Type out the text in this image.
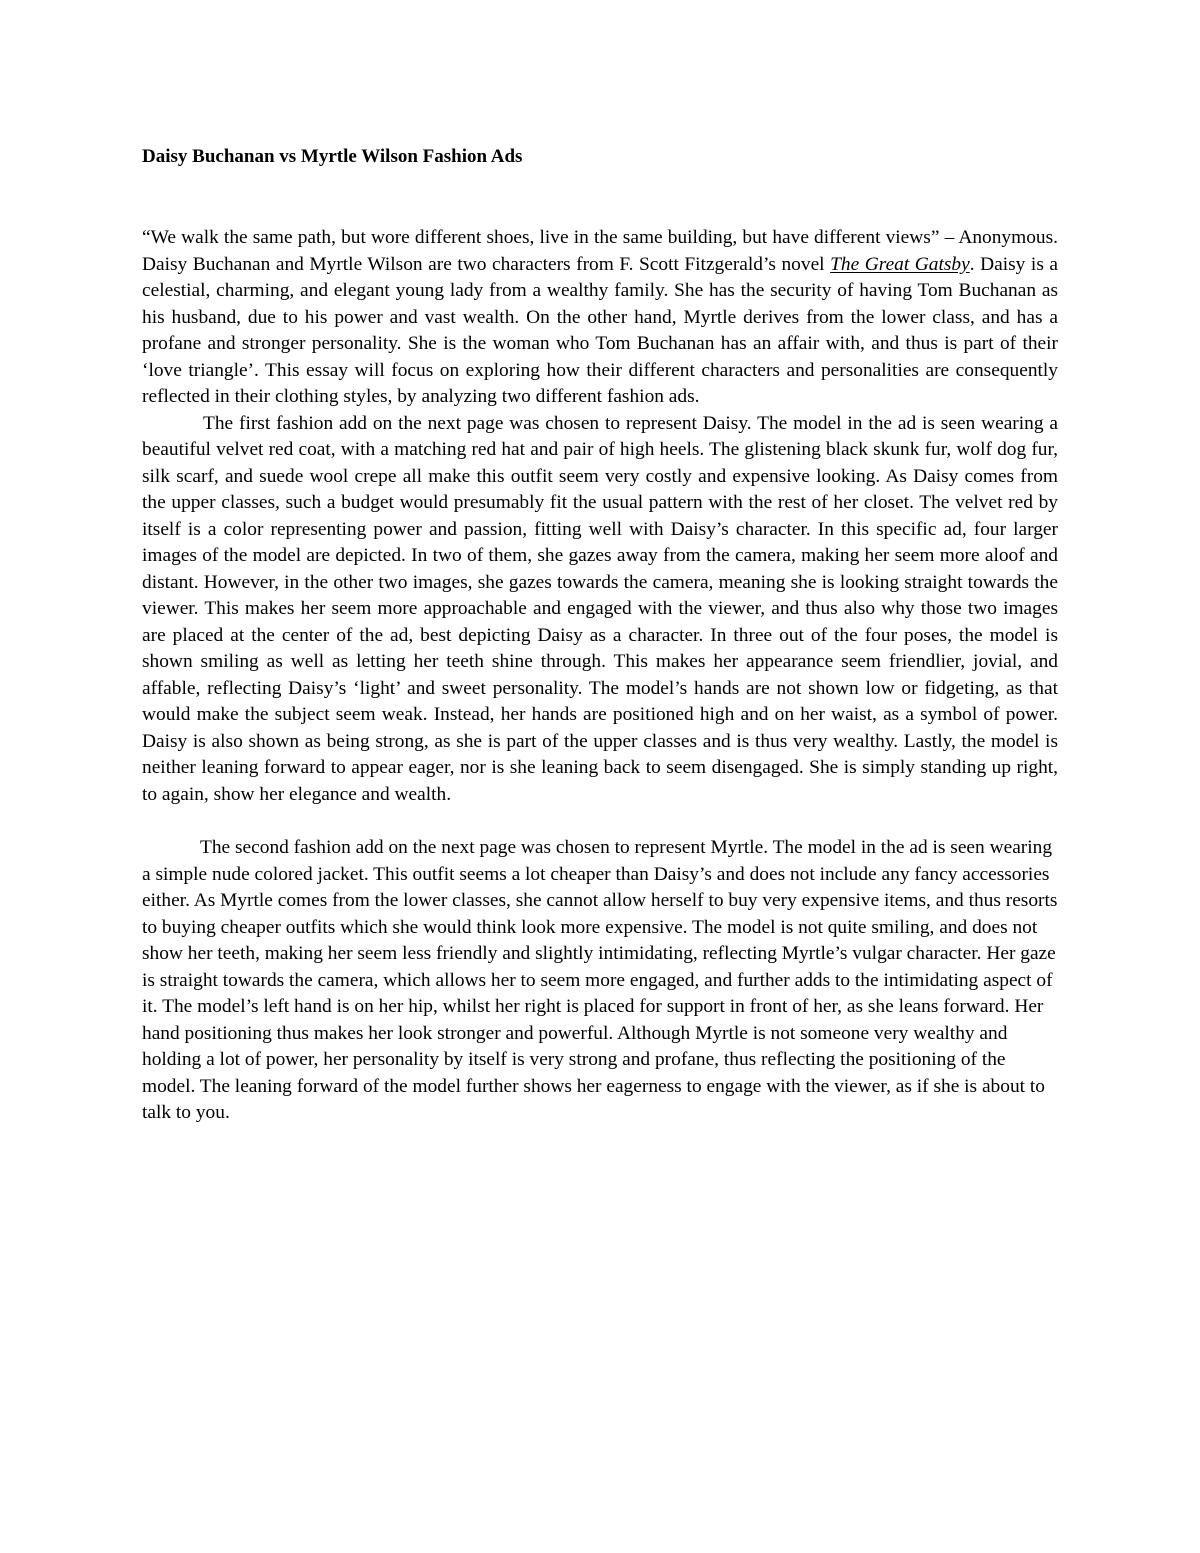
Daisy Buchanan vs Myrtle Wilson Fashion Ads

“We walk the same path, but wore different shoes, live in the same building, but have different views” – Anonymous. Daisy Buchanan and Myrtle Wilson are two characters from F. Scott Fitzgerald’s novel The Great Gatsby. Daisy is a celestial, charming, and elegant young lady from a wealthy family. She has the security of having Tom Buchanan as his husband, due to his power and vast wealth. On the other hand, Myrtle derives from the lower class, and has a profane and stronger personality. She is the woman who Tom Buchanan has an affair with, and thus is part of their ‘love triangle’. This essay will focus on exploring how their different characters and personalities are consequently reflected in their clothing styles, by analyzing two different fashion ads.

The first fashion add on the next page was chosen to represent Daisy. The model in the ad is seen wearing a beautiful velvet red coat, with a matching red hat and pair of high heels. The glistening black skunk fur, wolf dog fur, silk scarf, and suede wool crepe all make this outfit seem very costly and expensive looking. As Daisy comes from the upper classes, such a budget would presumably fit the usual pattern with the rest of her closet. The velvet red by itself is a color representing power and passion, fitting well with Daisy’s character. In this specific ad, four larger images of the model are depicted. In two of them, she gazes away from the camera, making her seem more aloof and distant. However, in the other two images, she gazes towards the camera, meaning she is looking straight towards the viewer. This makes her seem more approachable and engaged with the viewer, and thus also why those two images are placed at the center of the ad, best depicting Daisy as a character. In three out of the four poses, the model is shown smiling as well as letting her teeth shine through. This makes her appearance seem friendlier, jovial, and affable, reflecting Daisy’s ‘light’ and sweet personality. The model’s hands are not shown low or fidgeting, as that would make the subject seem weak. Instead, her hands are positioned high and on her waist, as a symbol of power. Daisy is also shown as being strong, as she is part of the upper classes and is thus very wealthy. Lastly, the model is neither leaning forward to appear eager, nor is she leaning back to seem disengaged. She is simply standing up right, to again, show her elegance and wealth.

The second fashion add on the next page was chosen to represent Myrtle. The model in the ad is seen wearing a simple nude colored jacket. This outfit seems a lot cheaper than Daisy’s and does not include any fancy accessories either. As Myrtle comes from the lower classes, she cannot allow herself to buy very expensive items, and thus resorts to buying cheaper outfits which she would think look more expensive. The model is not quite smiling, and does not show her teeth, making her seem less friendly and slightly intimidating, reflecting Myrtle’s vulgar character. Her gaze is straight towards the camera, which allows her to seem more engaged, and further adds to the intimidating aspect of it. The model’s left hand is on her hip, whilst her right is placed for support in front of her, as she leans forward. Her hand positioning thus makes her look stronger and powerful. Although Myrtle is not someone very wealthy and holding a lot of power, her personality by itself is very strong and profane, thus reflecting the positioning of the model. The leaning forward of the model further shows her eagerness to engage with the viewer, as if she is about to talk to you.
